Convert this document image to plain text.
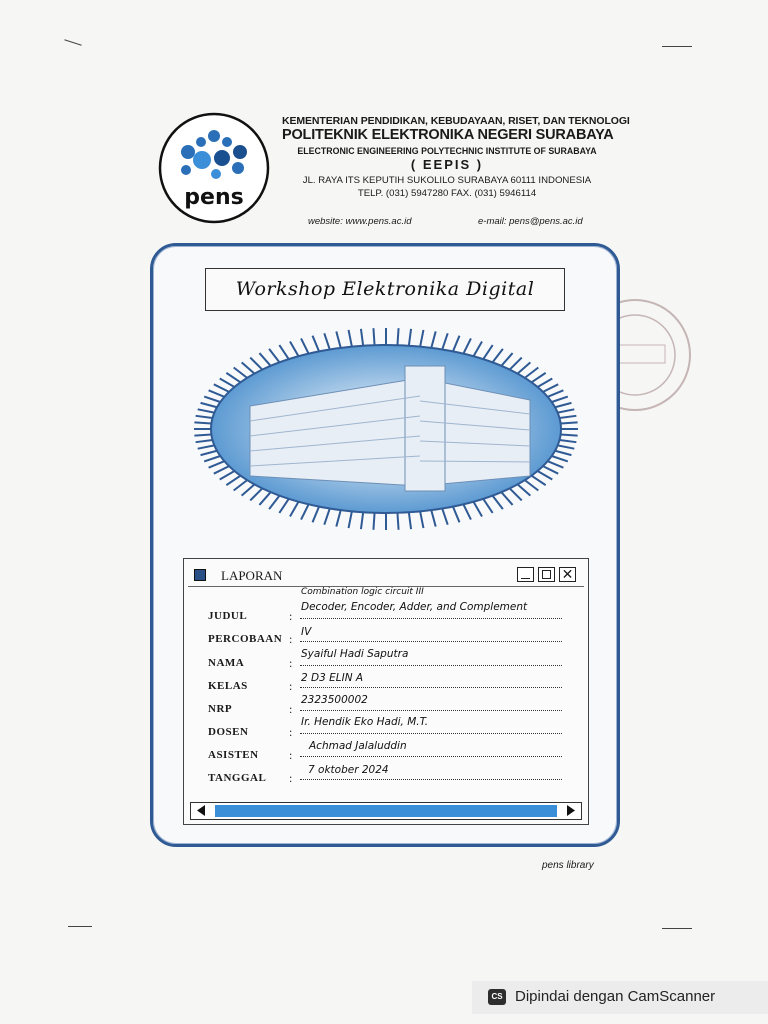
pens
KEMENTERIAN PENDIDIKAN, KEBUDAYAAN, RISET, DAN TEKNOLOGI
POLITEKNIK ELEKTRONIKA NEGERI SURABAYA
ELECTRONIC ENGINEERING POLYTECHNIC INSTITUTE OF SURABAYA
( EEPIS )
JL. RAYA ITS KEPUTIH SUKOLILO SURABAYA 60111 INDONESIA
TELP. (031) 5947280 FAX. (031) 5946114
website: www.pens.ac.id	e-mail: pens@pens.ac.id
Workshop Elektronika Digital
LAPORAN	✕
Combination logic circuit III
JUDUL	:
Decoder, Encoder, Adder, and Complement
PERCOBAAN : IV
NAMA	:
Syaiful Hadi Saputra
KELAS	:
2 D3 ELIN A
NRP	:
2323500002
DOSEN	:
Ir. Hendik Eko Hadi, M.T.
ASISTEN	:
Achmad Jalaluddin
TANGGAL :
7 oktober 2024
pens library
CS Dipindai dengan CamScanner
